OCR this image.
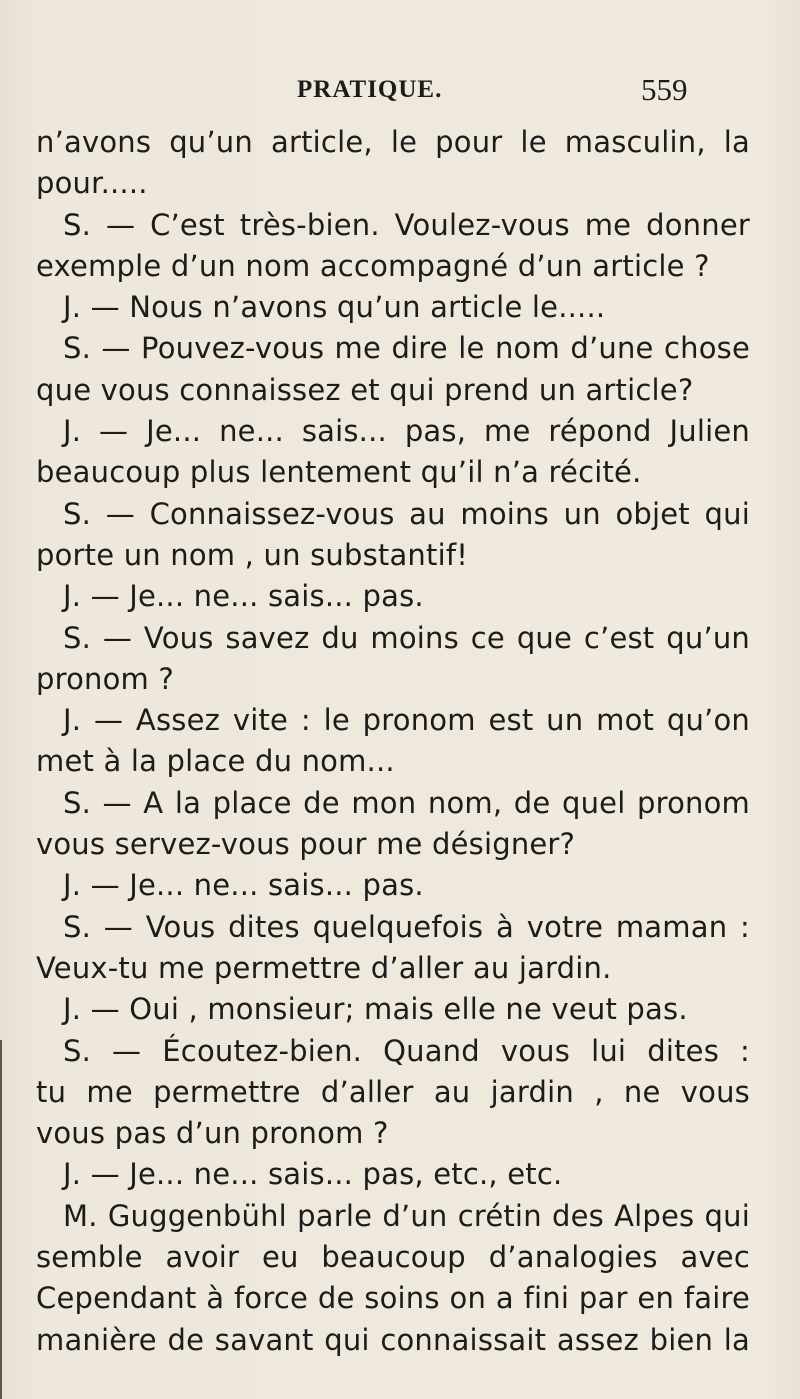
PRATIQUE.	559
n’avons qu’un article, le pour le masculin, la
pour.....
S. — C’est très-bien. Voulez-vous me donner
exemple d’un nom accompagné d’un article ?
J. — Nous n’avons qu’un article le.....
S. — Pouvez-vous me dire le nom d’une chose
que vous connaissez et qui prend un article?
J. — Je... ne... sais... pas, me répond Julien
beaucoup plus lentement qu’il n’a récité.
S. — Connaissez-vous au moins un objet qui
porte un nom , un substantif!
J. — Je... ne... sais... pas.
S. — Vous savez du moins ce que c’est qu’un
pronom ?
J. — Assez vite : le pronom est un mot qu’on
met à la place du nom...
S. — A la place de mon nom, de quel pronom
vous servez-vous pour me désigner?
J. — Je... ne... sais... pas.
S. — Vous dites quelquefois à votre maman :
Veux-tu me permettre d’aller au jardin.
J. — Oui , monsieur; mais elle ne veut pas.
S. — Écoutez-bien. Quand vous lui dites :
tu me permettre d’aller au jardin , ne vous
vous pas d’un pronom ?
J. — Je... ne... sais... pas, etc., etc.
M. Guggenbühl parle d’un crétin des Alpes qui
semble avoir eu beaucoup d’analogies avec
Cependant à force de soins on a fini par en faire
manière de savant qui connaissait assez bien la
